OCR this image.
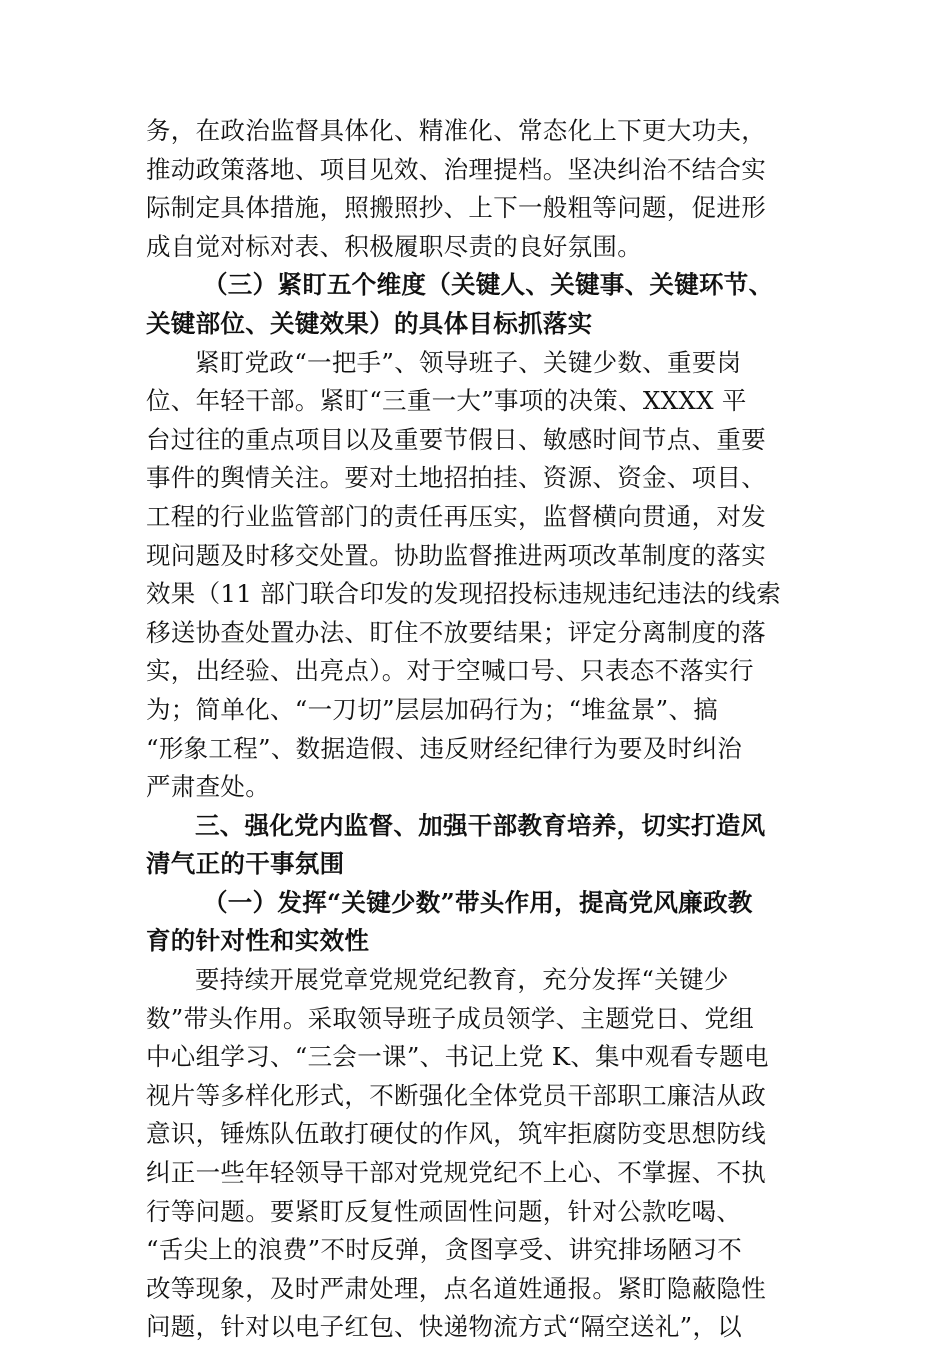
务，在政治监督具体化、精准化、常态化上下更大功夫，
推动政策落地、项目见效、治理提档。坚决纠治不结合实
际制定具体措施，照搬照抄、上下一般粗等问题，促进形
成自觉对标对表、积极履职尽责的良好氛围。
（三）紧盯五个维度（关键人、关键事、关键环节、
关键部位、关键效果）的具体目标抓落实
紧盯党政“一把手”、领导班子、关键少数、重要岗
位、年轻干部。紧盯“三重一大”事项的决策、XXXX 平
台过往的重点项目以及重要节假日、敏感时间节点、重要
事件的舆情关注。要对土地招拍挂、资源、资金、项目、
工程的行业监管部门的责任再压实，监督横向贯通，对发
现问题及时移交处置。协助监督推进两项改革制度的落实
效果（11 部门联合印发的发现招投标违规违纪违法的线索
移送协查处置办法、盯住不放要结果；评定分离制度的落
实，出经验、出亮点）。对于空喊口号、只表态不落实行
为；简单化、“一刀切”层层加码行为；“堆盆景”、搞
“形象工程”、数据造假、违反财经纪律行为要及时纠治
严肃查处。
三、强化党内监督、加强干部教育培养，切实打造风
清气正的干事氛围
（一）发挥“关键少数”带头作用，提高党风廉政教
育的针对性和实效性
要持续开展党章党规党纪教育，充分发挥“关键少
数”带头作用。采取领导班子成员领学、主题党日、党组
中心组学习、“三会一课”、书记上党 K、集中观看专题电
视片等多样化形式，不断强化全体党员干部职工廉洁从政
意识，锤炼队伍敢打硬仗的作风，筑牢拒腐防变思想防线
纠正一些年轻领导干部对党规党纪不上心、不掌握、不执
行等问题。要紧盯反复性顽固性问题，针对公款吃喝、
“舌尖上的浪费”不时反弹，贪图享受、讲究排场陋习不
改等现象，及时严肃处理，点名道姓通报。紧盯隐蔽隐性
问题，针对以电子红包、快递物流方式“隔空送礼”，以
